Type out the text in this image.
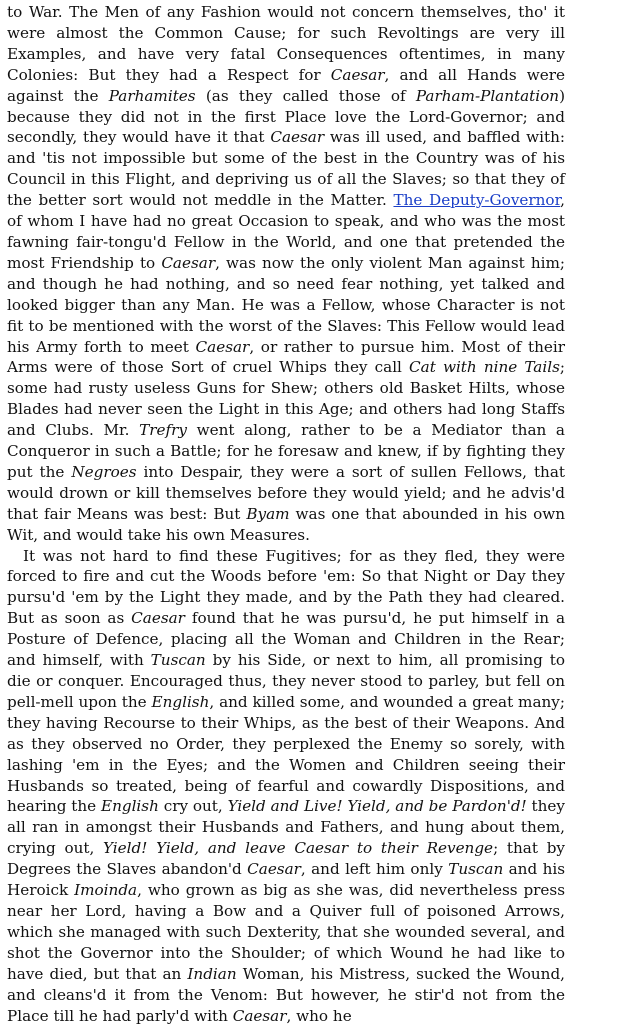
to War. The Men of any Fashion would not concern themselves, tho' it were almost the Common Cause; for such Revoltings are very ill Examples, and have very fatal Consequences oftentimes, in many Colonies: But they had a Respect for Caesar, and all Hands were against the Parhamites (as they called those of Parham-Plantation) because they did not in the first Place love the Lord-Governor; and secondly, they would have it that Caesar was ill used, and baffled with: and 'tis not impossible but some of the best in the Country was of his Council in this Flight, and depriving us of all the Slaves; so that they of the better sort would not meddle in the Matter. The Deputy-Governor, of whom I have had no great Occasion to speak, and who was the most fawning fair-tongu'd Fellow in the World, and one that pretended the most Friendship to Caesar, was now the only violent Man against him; and though he had nothing, and so need fear nothing, yet talked and looked bigger than any Man. He was a Fellow, whose Character is not fit to be mentioned with the worst of the Slaves: This Fellow would lead his Army forth to meet Caesar, or rather to pursue him. Most of their Arms were of those Sort of cruel Whips they call Cat with nine Tails; some had rusty useless Guns for Shew; others old Basket Hilts, whose Blades had never seen the Light in this Age; and others had long Staffs and Clubs. Mr. Trefry went along, rather to be a Mediator than a Conqueror in such a Battle; for he foresaw and knew, if by fighting they put the Negroes into Despair, they were a sort of sullen Fellows, that would drown or kill themselves before they would yield; and he advis'd that fair Means was best: But Byam was one that abounded in his own Wit, and would take his own Measures.

It was not hard to find these Fugitives; for as they fled, they were forced to fire and cut the Woods before 'em: So that Night or Day they pursu'd 'em by the Light they made, and by the Path they had cleared. But as soon as Caesar found that he was pursu'd, he put himself in a Posture of Defence, placing all the Woman and Children in the Rear; and himself, with Tuscan by his Side, or next to him, all promising to die or conquer. Encouraged thus, they never stood to parley, but fell on pell-mell upon the English, and killed some, and wounded a great many; they having Recourse to their Whips, as the best of their Weapons. And as they observed no Order, they perplexed the Enemy so sorely, with lashing 'em in the Eyes; and the Women and Children seeing their Husbands so treated, being of fearful and cowardly Dispositions, and hearing the English cry out, Yield and Live! Yield, and be Pardon'd! they all ran in amongst their Husbands and Fathers, and hung about them, crying out, Yield! Yield, and leave Caesar to their Revenge; that by Degrees the Slaves abandon'd Caesar, and left him only Tuscan and his Heroick Imoinda, who grown as big as she was, did nevertheless press near her Lord, having a Bow and a Quiver full of poisoned Arrows, which she managed with such Dexterity, that she wounded several, and shot the Governor into the Shoulder; of which Wound he had like to have died, but that an Indian Woman, his Mistress, sucked the Wound, and cleans'd it from the Venom: But however, he stir'd not from the Place till he had parly'd with Caesar, who he
